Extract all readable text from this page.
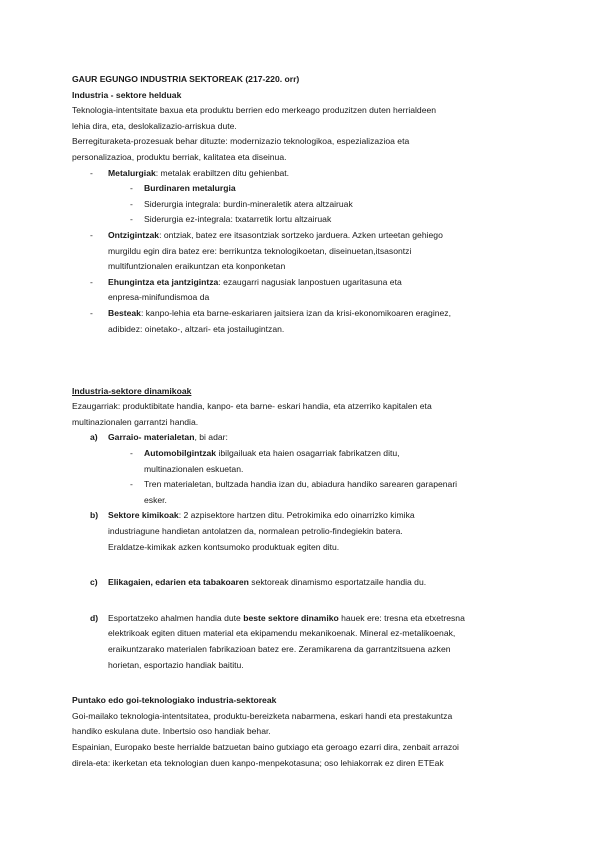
GAUR EGUNGO INDUSTRIA SEKTOREAK (217-220. orr)

Industria - sektore helduak

Teknologia-intentsitate baxua eta produktu berrien edo merkeago produzitzen duten herrialdeen

lehia dira, eta, deslokalizazio-arriskua dute.

Berregituraketa-prozesuak behar dituzte: modernizazio teknologikoa, espezializazioa eta

personalizazioa, produktu berriak, kalitatea eta diseinua.

- Metalurgiak: metalak erabiltzen ditu gehienbat.

- Burdinaren metalurgia

- Siderurgia integrala: burdin-mineraletik atera altzairuak

- Siderurgia ez-integrala: txatarretik lortu altzairuak

- Ontzigintzak: ontziak, batez ere itsasontziak sortzeko jarduera. Azken urteetan gehiego

murgildu egin dira batez ere: berrikuntza teknologikoetan, diseinuetan,itsasontzi

multifuntzionalen eraikuntzan eta konponketan

- Ehungintza eta jantzigintza: ezaugarri nagusiak lanpostuen ugaritasuna eta

enpresa-minifundismoa da

- Besteak: kanpo-lehia eta barne-eskariaren jaitsiera izan da krisi-ekonomikoaren eraginez,

adibidez: oinetako-, altzari- eta jostailugintzan.

Industria-sektore dinamikoak

Ezaugarriak: produktibitate handia, kanpo- eta barne- eskari handia, eta atzerriko kapitalen eta

multinazionalen garrantzi handia.

a) Garraio- materialetan, bi adar:

- Automobilgintzak ibilgailuak eta haien osagarriak fabrikatzen ditu,

multinazionalen eskuetan.

- Tren materialetan, bultzada handia izan du, abiadura handiko sarearen garapenari

esker.

b) Sektore kimikoak: 2 azpisektore hartzen ditu. Petrokimika edo oinarrizko kimika

industriagune handietan antolatzen da, normalean petrolio-findegiekin batera.

Eraldatze-kimikak azken kontsumoko produktuak egiten ditu.

c) Elikagaien, edarien eta tabakoaren sektoreak dinamismo esportatzaile handia du.

d) Esportatzeko ahalmen handia dute beste sektore dinamiko hauek ere: tresna eta etxetresna

elektrikoak egiten dituen material eta ekipamendu mekanikoenak. Mineral ez-metalikoenak,

eraikuntzarako materialen fabrikazioan batez ere. Zeramikarena da garrantzitsuena azken

horietan, esportazio handiak baititu.

Puntako edo goi-teknologiako industria-sektoreak

Goi-mailako teknologia-intentsitatea, produktu-bereizketa nabarmena, eskari handi eta prestakuntza

handiko eskulana dute. Inbertsio oso handiak behar.

Espainian, Europako beste herrialde batzuetan baino gutxiago eta geroago ezarri dira, zenbait arrazoi

direla-eta: ikerketan eta teknologian duen kanpo-menpekotasuna; oso lehiakorrak ez diren ETEak
